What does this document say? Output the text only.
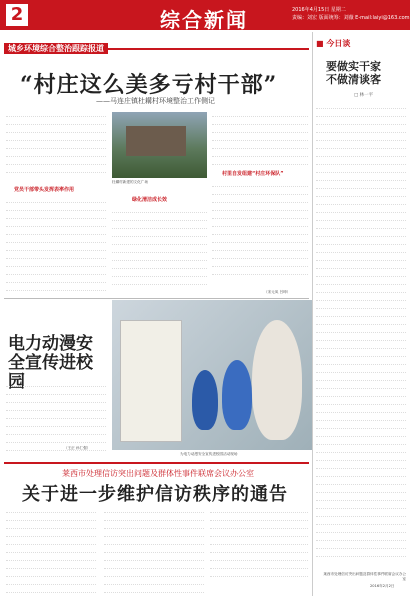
2	综合新闻	2016年4月15日 星期二
责编：刘宏 版面统筹：刘薇 E-mail:laiyi@163.com
城乡环境综合整治跟踪报道
“村庄这么美多亏村干部”
——马连庄镇杜耩村环境整治工作侧记
党员干部带头发挥表率作用
杜耩村新建的文化广场
绿化清洁成长效
村里自发组建“村庄环保队”
（宋元凤 吕坤）
电力动漫安全宣传进校园
（王正 孙仁强）
为电力动漫安全宣传进校园活动现场
莱西市处理信访突出问题及群体性事件联席会议办公室
关于进一步维护信访秩序的通告
莱西市处理信访突出问题及群体性事件联席会议办公室
2016年2月2日
■ 今日谈
要做实干家
不做清谈客
□ 林一平
